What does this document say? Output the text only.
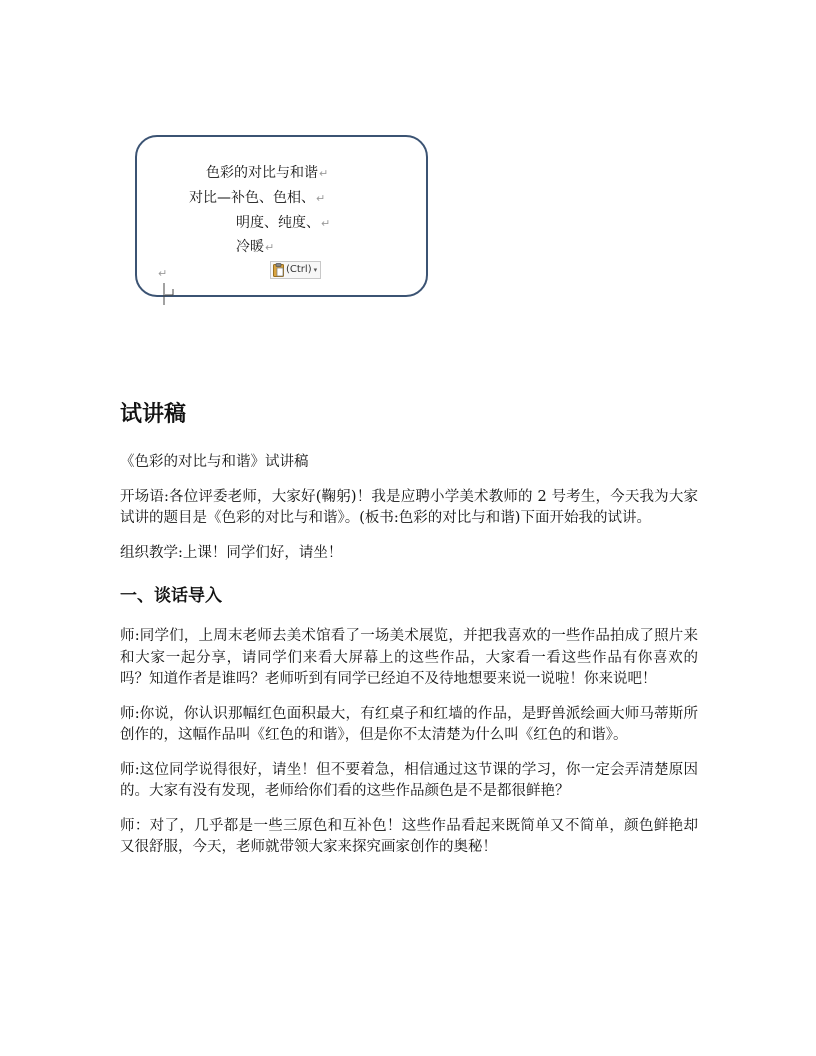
色彩的对比与和谐↵
对比—补色、色相、↵
明度、纯度、↵
冷暖↵
↵	(Ctrl) ▾
试讲稿

《色彩的对比与和谐》试讲稿

开场语:各位评委老师，大家好(鞠躬)！我是应聘小学美术教师的 2 号考生，今天我为大家试讲的题目是《色彩的对比与和谐》。(板书:色彩的对比与和谐)下面开始我的试讲。

组织教学:上课！同学们好，请坐！

一、谈话导入

师:同学们，上周末老师去美术馆看了一场美术展览，并把我喜欢的一些作品拍成了照片来和大家一起分享，请同学们来看大屏幕上的这些作品，大家看一看这些作品有你喜欢的吗？知道作者是谁吗？老师听到有同学已经迫不及待地想要来说一说啦！你来说吧！

师:你说，你认识那幅红色面积最大，有红桌子和红墙的作品，是野兽派绘画大师马蒂斯所创作的，这幅作品叫《红色的和谐》，但是你不太清楚为什么叫《红色的和谐》。

师:这位同学说得很好，请坐！但不要着急，相信通过这节课的学习，你一定会弄清楚原因的。大家有没有发现，老师给你们看的这些作品颜色是不是都很鲜艳？

师：对了，几乎都是一些三原色和互补色！这些作品看起来既简单又不简单，颜色鲜艳却又很舒服，今天，老师就带领大家来探究画家创作的奥秘！
